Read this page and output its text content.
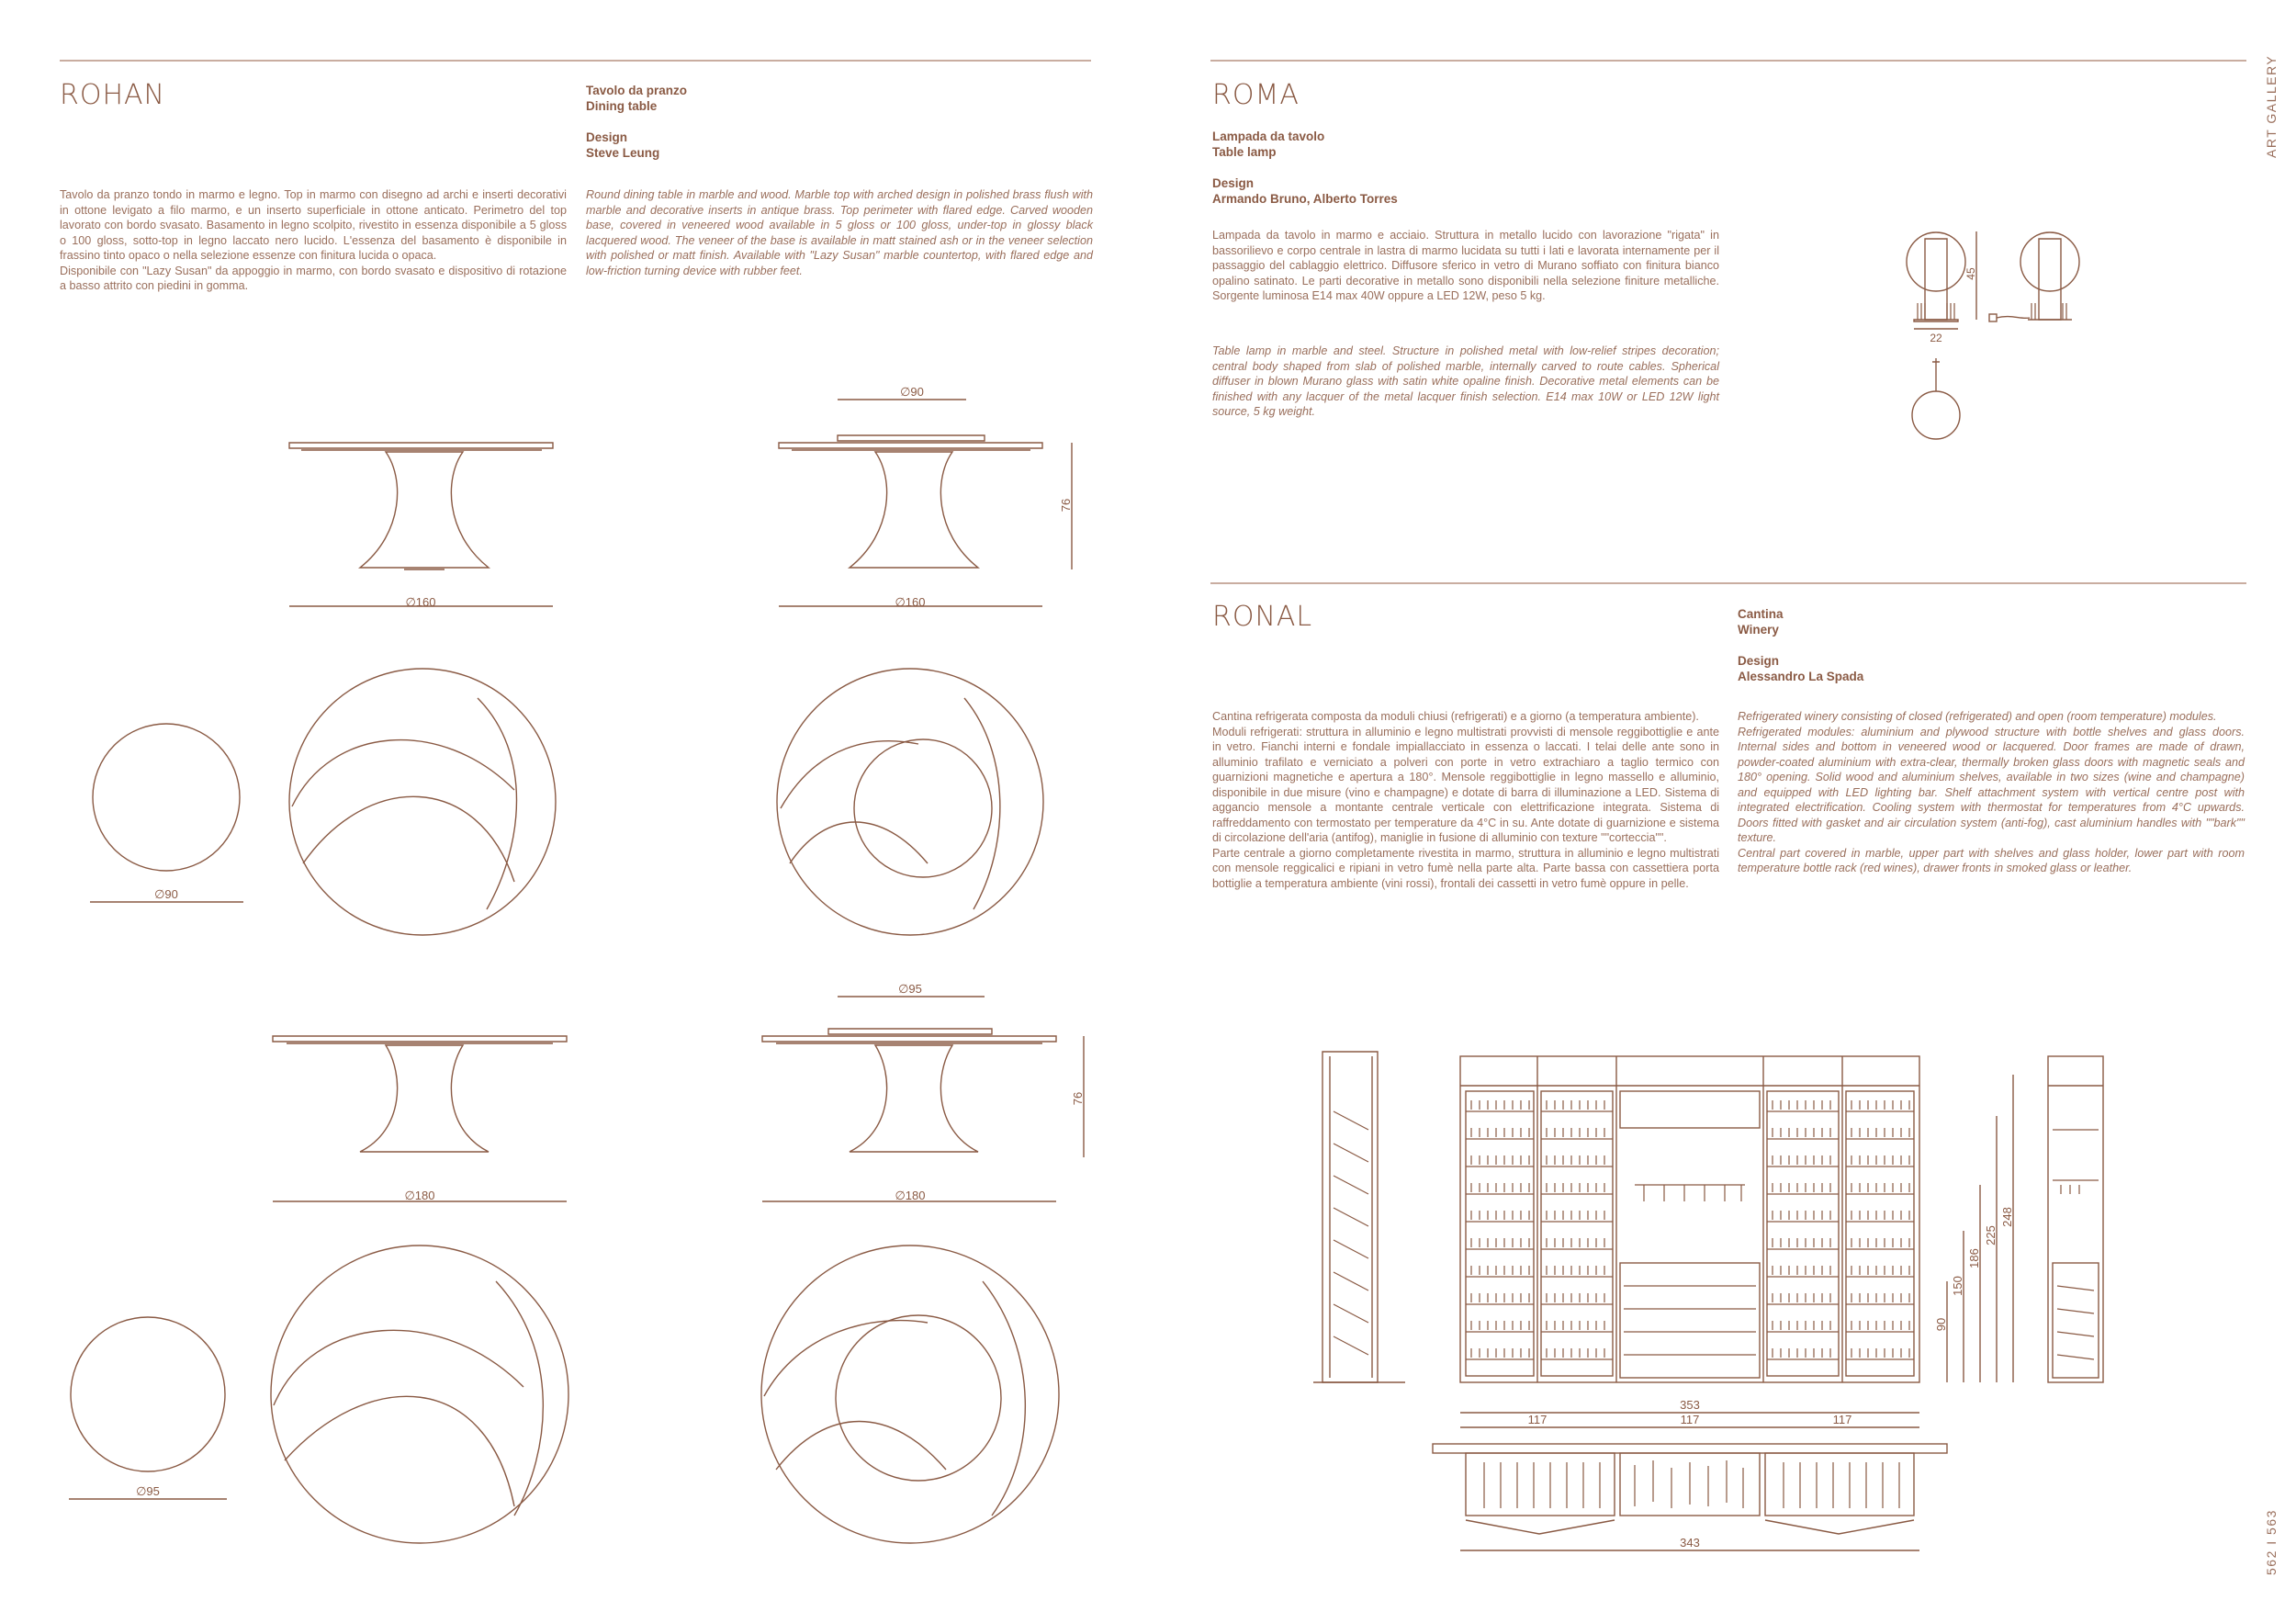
ART GALLERY
562 I 563
ROHAN	Tavolo da pranzo
Dining table
Design
Steve Leung

Tavolo da pranzo tondo in marmo e legno. Top in marmo con disegno ad archi e inserti decorativi in ottone levigato a filo marmo, e un inserto superficiale in ottone anticato. Perimetro del top lavorato con bordo svasato. Basamento in legno scolpito, rivestito in essenza disponibile a 5 gloss o 100 gloss, sotto-top in legno laccato nero lucido. L'essenza del basamento è disponibile in frassino tinto opaco o nella selezione essenze con finitura lucida o opaca.

Disponibile con "Lazy Susan" da appoggio in marmo, con bordo svasato e dispositivo di rotazione a basso attrito con piedini in gomma.

Round dining table in marble and wood. Marble top with arched design in polished brass flush with marble and decorative inserts in antique brass. Top perimeter with flared edge. Carved wooden base, covered in veneered wood available in 5 gloss or 100 gloss, under-top in glossy black lacquered wood. The veneer of the base is available in matt stained ash or in the veneer selection with polished or matt finish. Available with "Lazy Susan" marble countertop, with flared edge and low-friction turning device with rubber feet.

∅160
∅90
76
∅160
∅90
∅180
∅95
76
∅180
∅95
ROMA
Lampada da tavolo
Table lamp
Design
Armando Bruno, Alberto Torres

Lampada da tavolo in marmo e acciaio. Struttura in metallo lucido con lavorazione "rigata" in bassorilievo e corpo centrale in lastra di marmo lucidata su tutti i lati e lavorata internamente per il passaggio del cablaggio elettrico. Diffusore sferico in vetro di Murano soffiato con finitura bianco opalino satinato. Le parti decorative in metallo sono disponibili nella selezione finiture metalliche. Sorgente luminosa E14 max 40W oppure a LED 12W, peso 5 kg.

Table lamp in marble and steel. Structure in polished metal with low-relief stripes decoration; central body shaped from slab of polished marble, internally carved to route cables. Spherical diffuser in blown Murano glass with satin white opaline finish. Decorative metal elements can be finished with any lacquer of the metal lacquer finish selection. E14 max 10W or LED 12W light source, 5 kg weight.

45
22
RONAL	Cantina
Winery
Design
Alessandro La Spada

Cantina refrigerata composta da moduli chiusi (refrigerati) e a giorno (a temperatura ambiente).

Moduli refrigerati: struttura in alluminio e legno multistrati provvisti di mensole reggibottiglie e ante in vetro. Fianchi interni e fondale impiallacciato in essenza o laccati. I telai delle ante sono in alluminio trafilato e verniciato a polveri con porte in vetro extrachiaro a taglio termico con guarnizioni magnetiche e apertura a 180°. Mensole reggibottiglie in legno massello e alluminio, disponibile in due misure (vino e champagne) e dotate di barra di illuminazione a LED. Sistema di aggancio mensole a montante centrale verticale con elettrificazione integrata. Sistema di raffreddamento con termostato per temperature da 4°C in su. Ante dotate di guarnizione e sistema di circolazione dell'aria (antifog), maniglie in fusione di alluminio con texture ""corteccia"".

Parte centrale a giorno completamente rivestita in marmo, struttura in alluminio e legno multistrati con mensole reggicalici e ripiani in vetro fumè nella parte alta. Parte bassa con cassettiera porta bottiglie a temperatura ambiente (vini rossi), frontali dei cassetti in vetro fumè oppure in pelle.

Refrigerated winery consisting of closed (refrigerated) and open (room temperature) modules.

Refrigerated modules: aluminium and plywood structure with bottle shelves and glass doors. Internal sides and bottom in veneered wood or lacquered. Door frames are made of drawn, powder-coated aluminium with extra-clear, thermally broken glass doors with magnetic seals and 180° opening. Solid wood and aluminium shelves, available in two sizes (wine and champagne) and equipped with LED lighting bar. Shelf attachment system with vertical centre post with integrated electrification. Cooling system with thermostat for temperatures from 4°C upwards. Doors fitted with gasket and air circulation system (anti-fog), cast aluminium handles with ""bark"" texture.

Central part covered in marble, upper part with shelves and glass holder, lower part with room temperature bottle rack (red wines), drawer fronts in smoked glass or leather.

90
150
186
225
248
353
117	117	117
343
